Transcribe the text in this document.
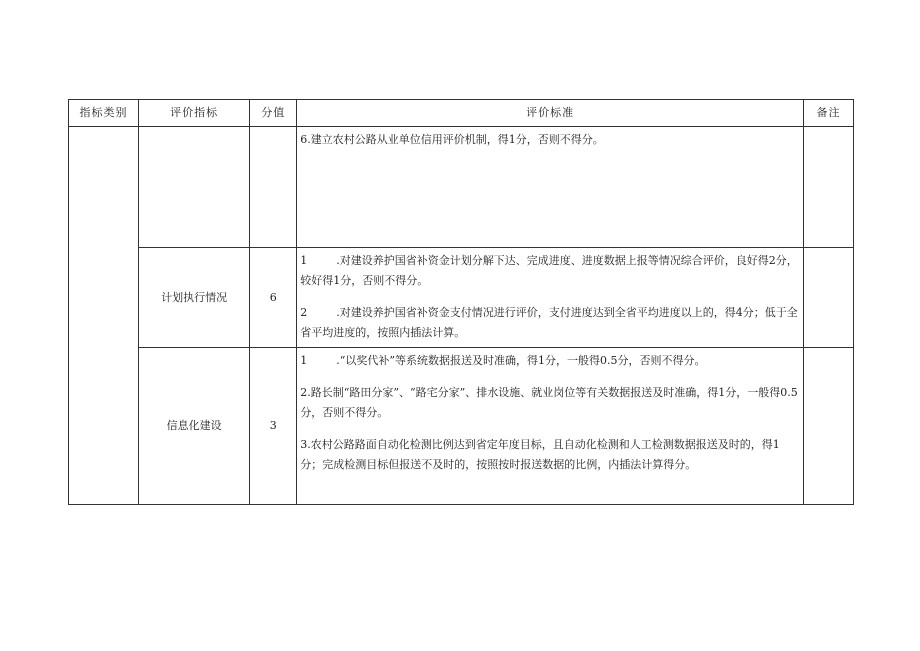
指标类别	评价指标	分值	评价标准	备注

			6.建立农村公路从业单位信用评价机制，得1分，否则不得分。	

	计划执行情况	6	1 .对建设养护国省补资金计划分解下达、完成进度、进度数据上报等情况综合评价，良好得2分，较好得1分，否则不得分。

2 .对建设养护国省补资金支付情况进行评价，支付进度达到全省平均进度以上的，得4分；低于全省平均进度的，按照内插法计算。	

	信息化建设	3	1 .“以奖代补”等系统数据报送及时准确，得1分，一般得0.5分，否则不得分。

2.路长制“路田分家”、“路宅分家”、排水设施、就业岗位等有关数据报送及时准确，得1分，一般得0.5分，否则不得分。

3.农村公路路面自动化检测比例达到省定年度目标，且自动化检测和人工检测数据报送及时的，得1分；完成检测目标但报送不及时的，按照按时报送数据的比例，内插法计算得分。	
